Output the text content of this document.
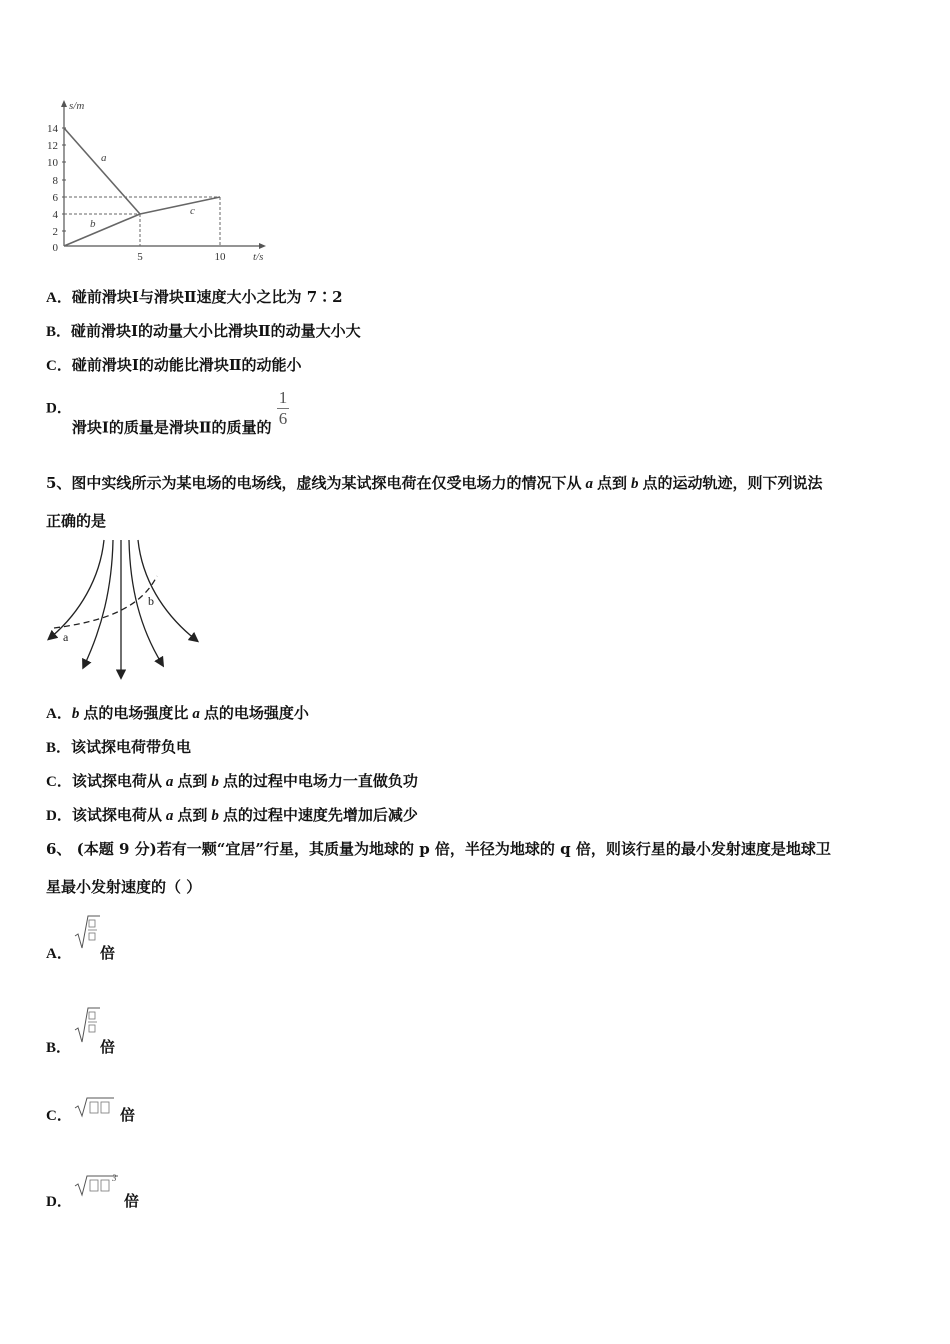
s/m
t/s
14
12
10
8
6
4
2
0
5	10
a
b
c
A．碰前滑块Ⅰ与滑块Ⅱ速度大小之比为 7∶2
B．碰前滑块Ⅰ的动量大小比滑块Ⅱ的动量大小大
C．碰前滑块Ⅰ的动能比滑块Ⅱ的动能小
D．滑块Ⅰ的质量是滑块Ⅱ的质量的 $\frac{1}{6}$
5、图中实线所示为某电场的电场线，虚线为某试探电荷在仅受电场力的情况下从 a 点到 b 点的运动轨迹，则下列说法
正确的是
a
b
A．b 点的电场强度比 a 点的电场强度小
B．该试探电荷带负电
C．该试探电荷从 a 点到 b 点的过程中电场力一直做负功
D．该试探电荷从 a 点到 b 点的过程中速度先增加后减少
6、 (本题 9 分)若有一颗“宜居”行星，其质量为地球的 p 倍，半径为地球的 q 倍，则该行星的最小发射速度是地球卫
星最小发射速度的（ ）
A． 倍
B． 倍
C．	倍
D．
3
倍
